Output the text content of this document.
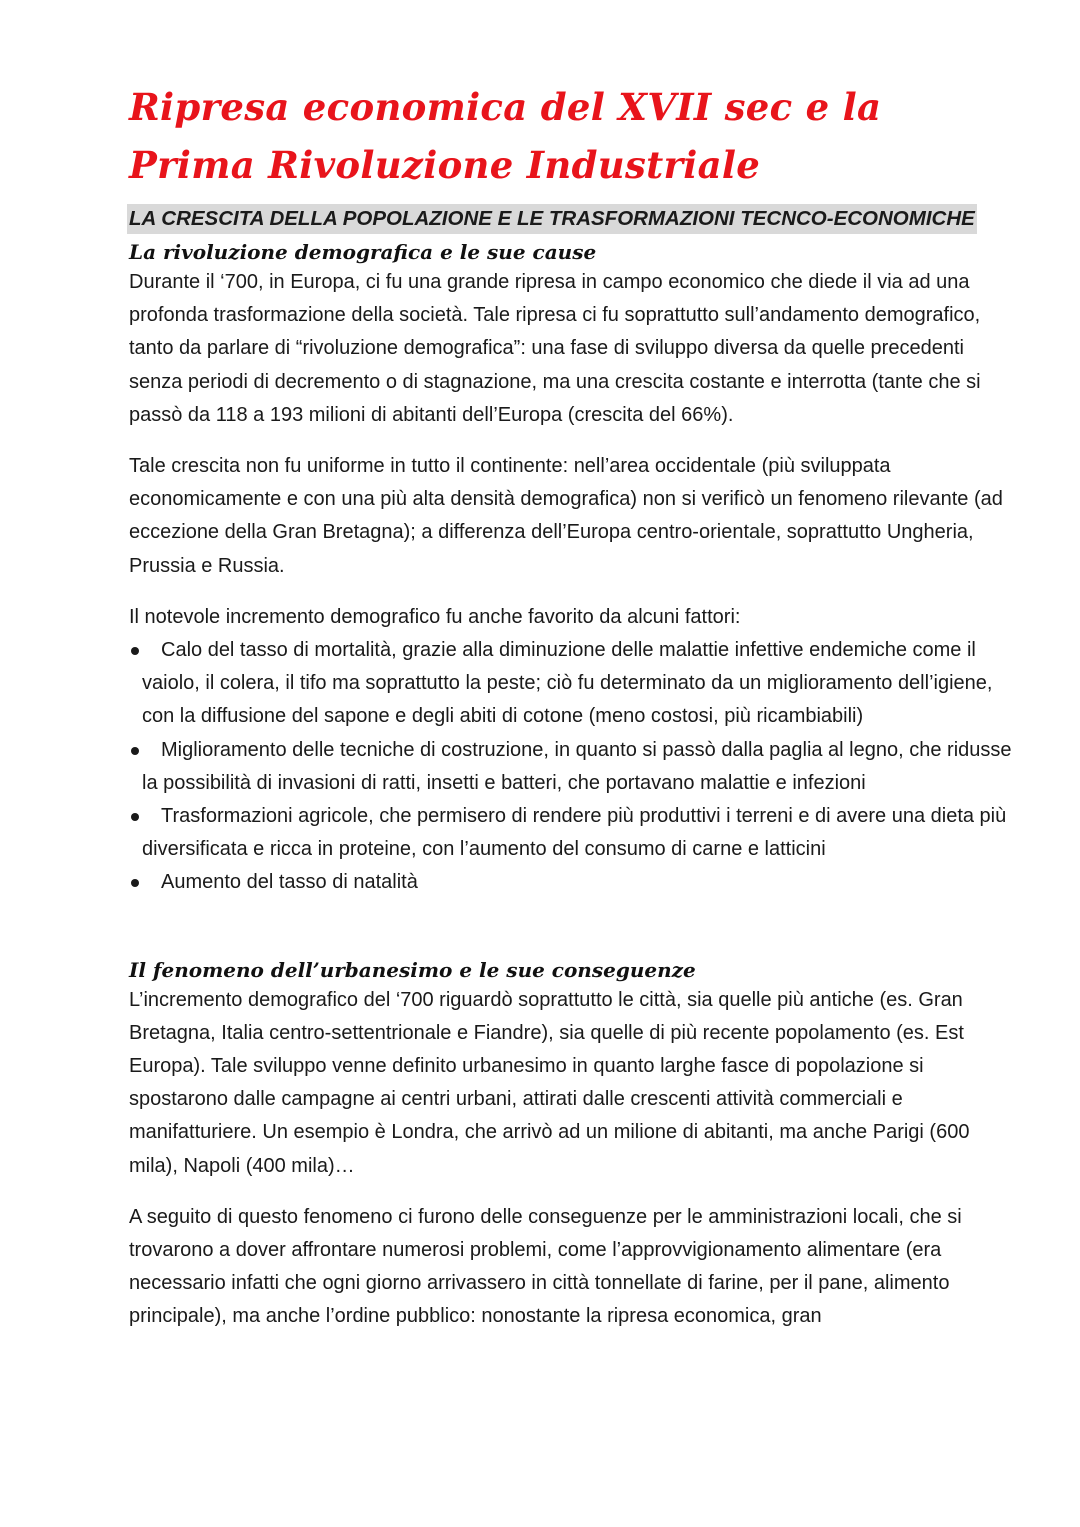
Ripresa economica del XVII sec e la Prima Rivoluzione Industriale
LA CRESCITA DELLA POPOLAZIONE E LE TRASFORMAZIONI TECNCO-ECONOMICHE
La rivoluzione demografica e le sue cause

Durante il ‘700, in Europa, ci fu una grande ripresa in campo economico che diede il via ad una profonda trasformazione della società. Tale ripresa ci fu soprattutto sull’andamento demografico, tanto da parlare di “rivoluzione demografica”: una fase di sviluppo diversa da quelle precedenti senza periodi di decremento o di stagnazione, ma una crescita costante e interrotta (tante che si passò da 118 a 193 milioni di abitanti dell’Europa (crescita del 66%).

Tale crescita non fu uniforme in tutto il continente: nell’area occidentale (più sviluppata economicamente e con una più alta densità demografica) non si verificò un fenomeno rilevante (ad eccezione della Gran Bretagna); a differenza dell’Europa centro-orientale, soprattutto Ungheria, Prussia e Russia.

Il notevole incremento demografico fu anche favorito da alcuni fattori:

Calo del tasso di mortalità, grazie alla diminuzione delle malattie infettive endemiche come il vaiolo, il colera, il tifo ma soprattutto la peste; ciò fu determinato da un miglioramento dell’igiene, con la diffusione del sapone e degli abiti di cotone (meno costosi, più ricambiabili)
Miglioramento delle tecniche di costruzione, in quanto si passò dalla paglia al legno, che ridusse la possibilità di invasioni di ratti, insetti e batteri, che portavano malattie e infezioni
Trasformazioni agricole, che permisero di rendere più produttivi i terreni e di avere una dieta più diversificata e ricca in proteine, con l’aumento del consumo di carne e latticini
Aumento del tasso di natalità
Il fenomeno dell’urbanesimo e le sue conseguenze

L’incremento demografico del ‘700 riguardò soprattutto le città, sia quelle più antiche (es. Gran Bretagna, Italia centro-settentrionale e Fiandre), sia quelle di più recente popolamento (es. Est Europa). Tale sviluppo venne definito urbanesimo in quanto larghe fasce di popolazione si spostarono dalle campagne ai centri urbani, attirati dalle crescenti attività commerciali e manifatturiere. Un esempio è Londra, che arrivò ad un milione di abitanti, ma anche Parigi (600 mila), Napoli (400 mila)…

A seguito di questo fenomeno ci furono delle conseguenze per le amministrazioni locali, che si trovarono a dover affrontare numerosi problemi, come l’approvvigionamento alimentare (era necessario infatti che ogni giorno arrivassero in città tonnellate di farine, per il pane, alimento principale), ma anche l’ordine pubblico: nonostante la ripresa economica, gran
